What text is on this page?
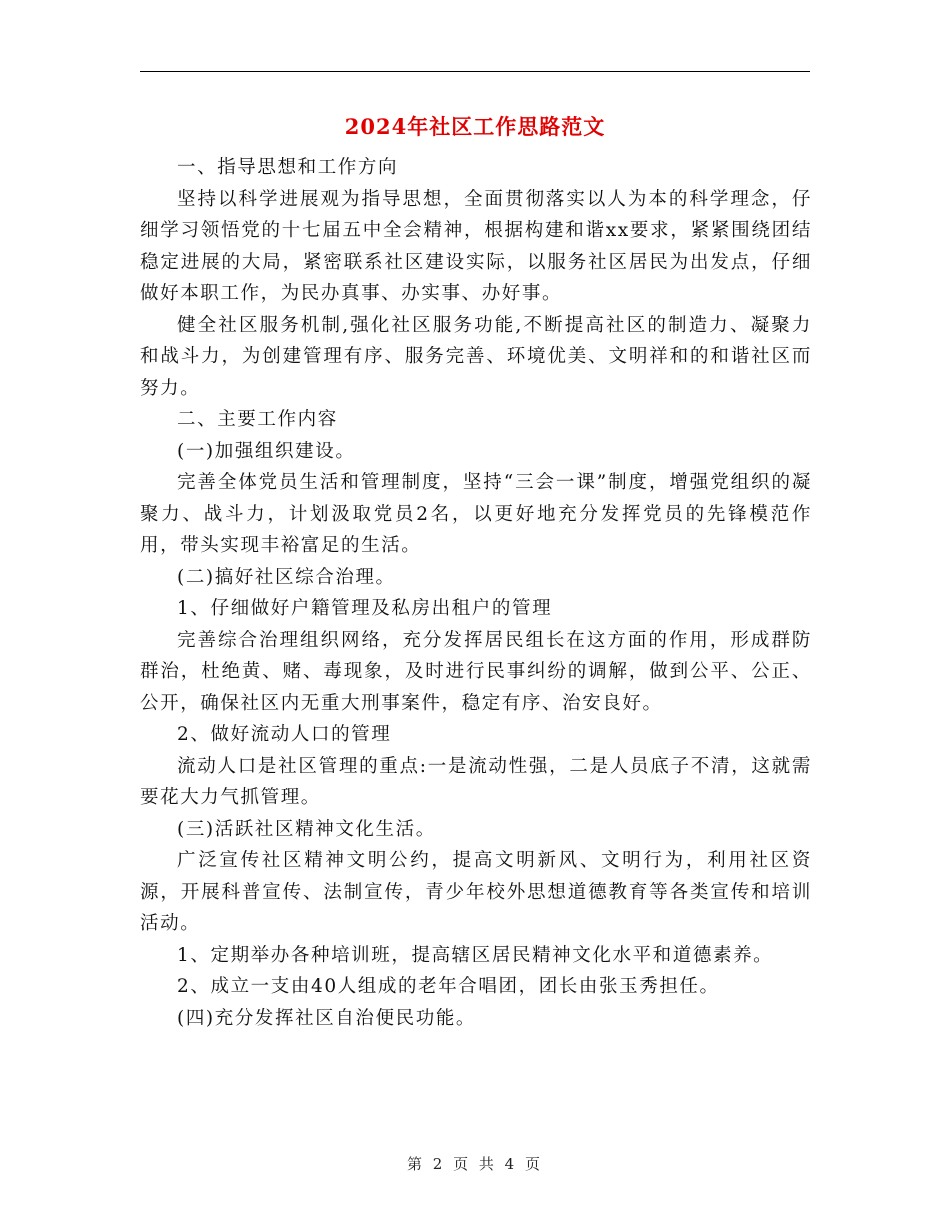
2024年社区工作思路范文

一、指导思想和工作方向

坚持以科学进展观为指导思想，全面贯彻落实以人为本的科学理念，仔细学习领悟党的十七届五中全会精神，根据构建和谐xx要求，紧紧围绕团结稳定进展的大局，紧密联系社区建设实际，以服务社区居民为出发点，仔细做好本职工作，为民办真事、办实事、办好事。

健全社区服务机制,强化社区服务功能,不断提高社区的制造力、凝聚力和战斗力，为创建管理有序、服务完善、环境优美、文明祥和的和谐社区而努力。

二、主要工作内容

(一)加强组织建设。

完善全体党员生活和管理制度，坚持“三会一课”制度，增强党组织的凝聚力、战斗力，计划汲取党员2名，以更好地充分发挥党员的先锋模范作用，带头实现丰裕富足的生活。

(二)搞好社区综合治理。

1、仔细做好户籍管理及私房出租户的管理

完善综合治理组织网络，充分发挥居民组长在这方面的作用，形成群防群治，杜绝黄、赌、毒现象，及时进行民事纠纷的调解，做到公平、公正、公开，确保社区内无重大刑事案件，稳定有序、治安良好。

2、做好流动人口的管理

流动人口是社区管理的重点:一是流动性强，二是人员底子不清，这就需要花大力气抓管理。

(三)活跃社区精神文化生活。

广泛宣传社区精神文明公约，提高文明新风、文明行为，利用社区资源，开展科普宣传、法制宣传，青少年校外思想道德教育等各类宣传和培训活动。

1、定期举办各种培训班，提高辖区居民精神文化水平和道德素养。

2、成立一支由40人组成的老年合唱团，团长由张玉秀担任。

(四)充分发挥社区自治便民功能。

第 2 页 共 4 页
